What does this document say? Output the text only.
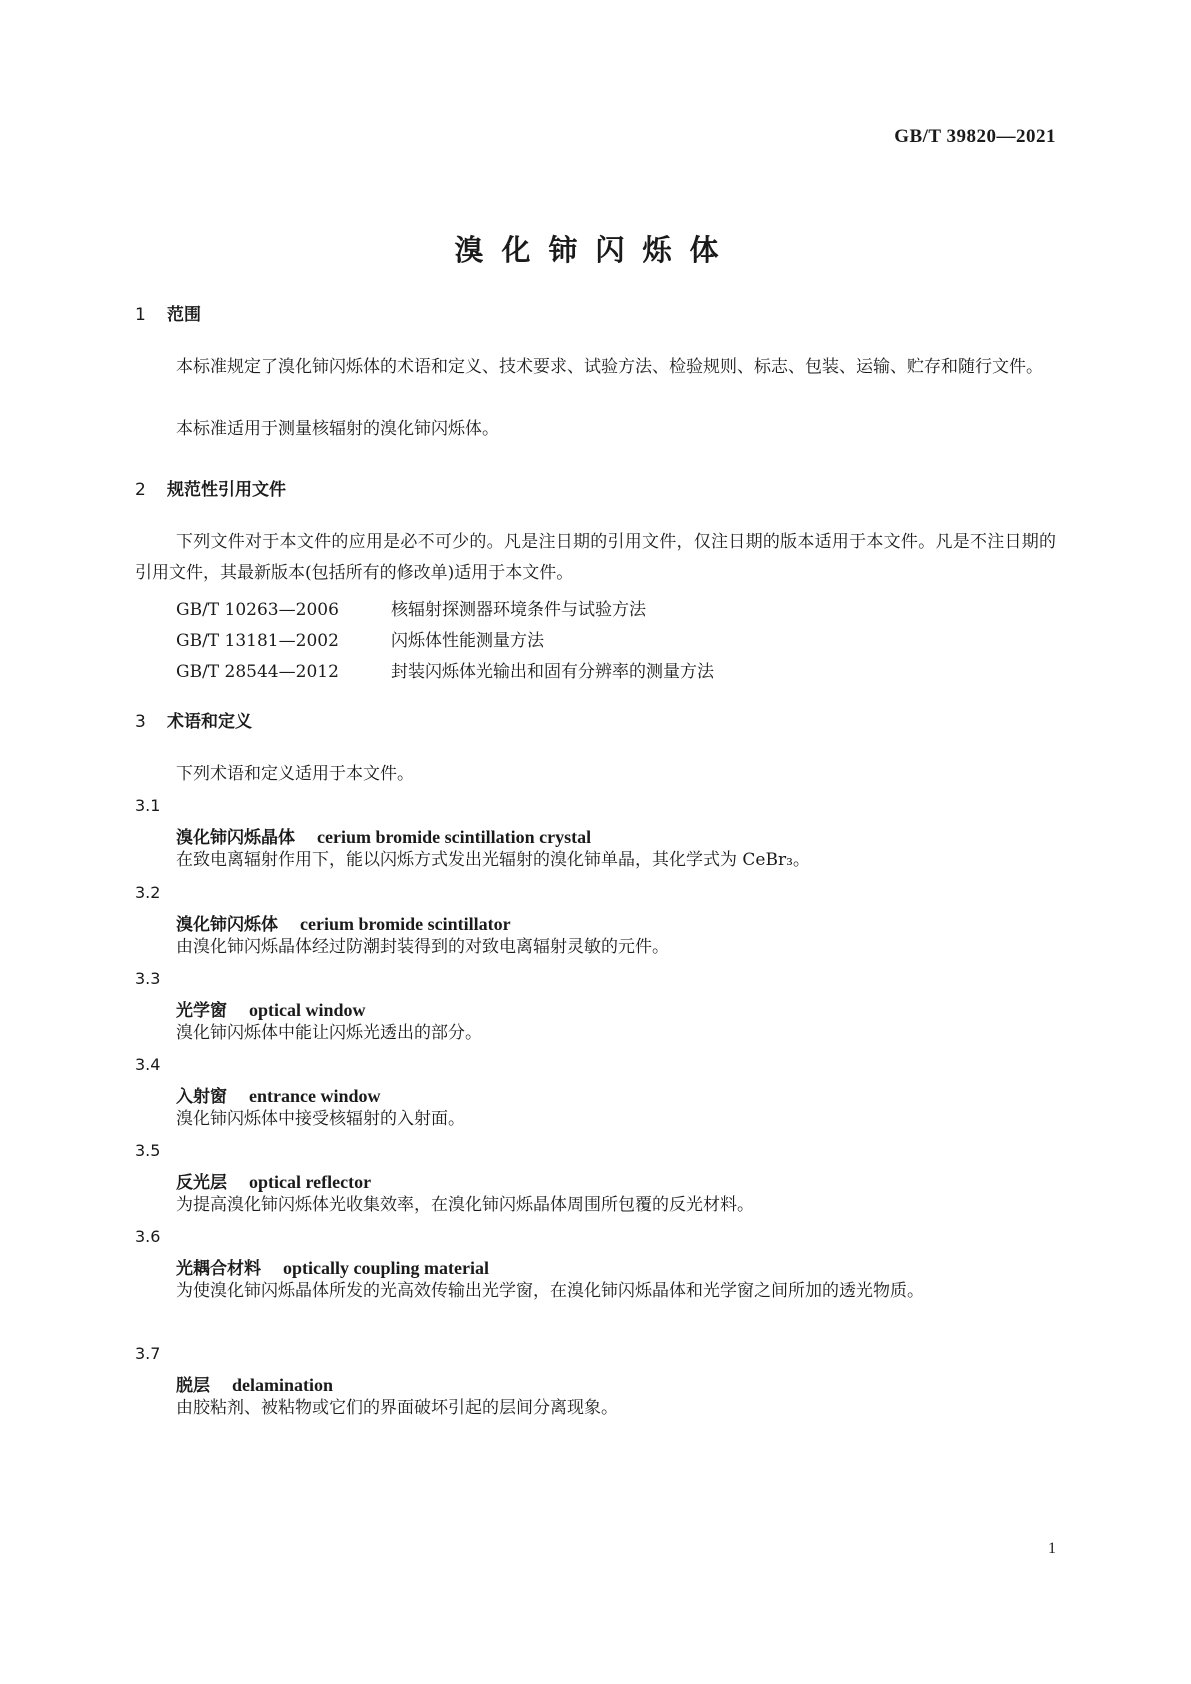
GB/T 39820—2021
溴化铈闪烁体
1 范围
本标准规定了溴化铈闪烁体的术语和定义、技术要求、试验方法、检验规则、标志、包装、运输、贮存和随行文件。
本标准适用于测量核辐射的溴化铈闪烁体。
2 规范性引用文件
下列文件对于本文件的应用是必不可少的。凡是注日期的引用文件，仅注日期的版本适用于本文件。凡是不注日期的引用文件，其最新版本(包括所有的修改单)适用于本文件。
GB/T 10263—2006	核辐射探测器环境条件与试验方法
GB/T 13181—2002	闪烁体性能测量方法
GB/T 28544—2012	封装闪烁体光输出和固有分辨率的测量方法
3 术语和定义
下列术语和定义适用于本文件。
3.1
溴化铈闪烁晶体 cerium bromide scintillation crystal
在致电离辐射作用下，能以闪烁方式发出光辐射的溴化铈单晶，其化学式为 CeBr₃。
3.2
溴化铈闪烁体 cerium bromide scintillator
由溴化铈闪烁晶体经过防潮封装得到的对致电离辐射灵敏的元件。
3.3
光学窗 optical window
溴化铈闪烁体中能让闪烁光透出的部分。
3.4
入射窗 entrance window
溴化铈闪烁体中接受核辐射的入射面。
3.5
反光层 optical reflector
为提高溴化铈闪烁体光收集效率，在溴化铈闪烁晶体周围所包覆的反光材料。
3.6
光耦合材料 optically coupling material
为使溴化铈闪烁晶体所发的光高效传输出光学窗，在溴化铈闪烁晶体和光学窗之间所加的透光物质。
3.7
脱层 delamination
由胶粘剂、被粘物或它们的界面破坏引起的层间分离现象。
1
